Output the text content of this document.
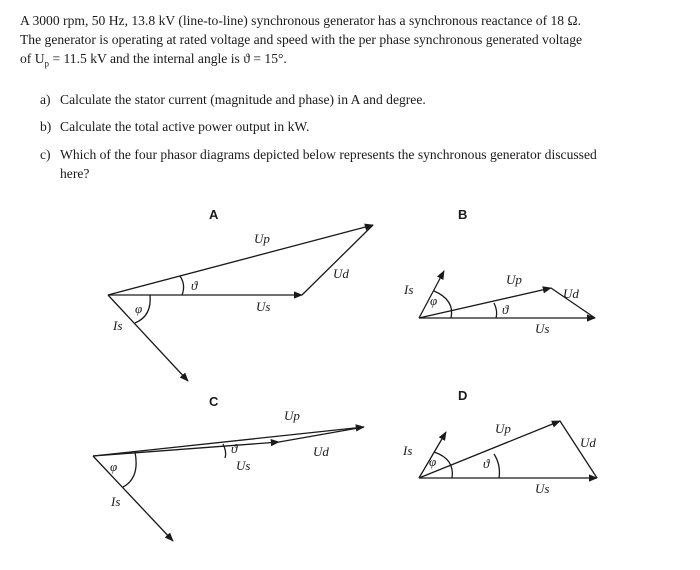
A 3000 rpm, 50 Hz, 13.8 kV (line-to-line) synchronous generator has a synchronous reactance of 18 Ω.

The generator is operating at rated voltage and speed with the per phase synchronous generated voltage

of $U_p = 11.5$ kV and the internal angle is ϑ = 15°.

a) Calculate the stator current (magnitude and phase) in A and degree.
b) Calculate the total active power output in kW.
c) Which of the four phasor diagrams depicted below represents the synchronous generator discussed
here?
A
Up
Ud
Us
Is
ϑ
φ
B
Up
Ud
Us
Is
φ
ϑ
C
Up
Ud
Us
Is
ϑ
φ
D
Up
Ud
Us
Is
φ	ϑ
